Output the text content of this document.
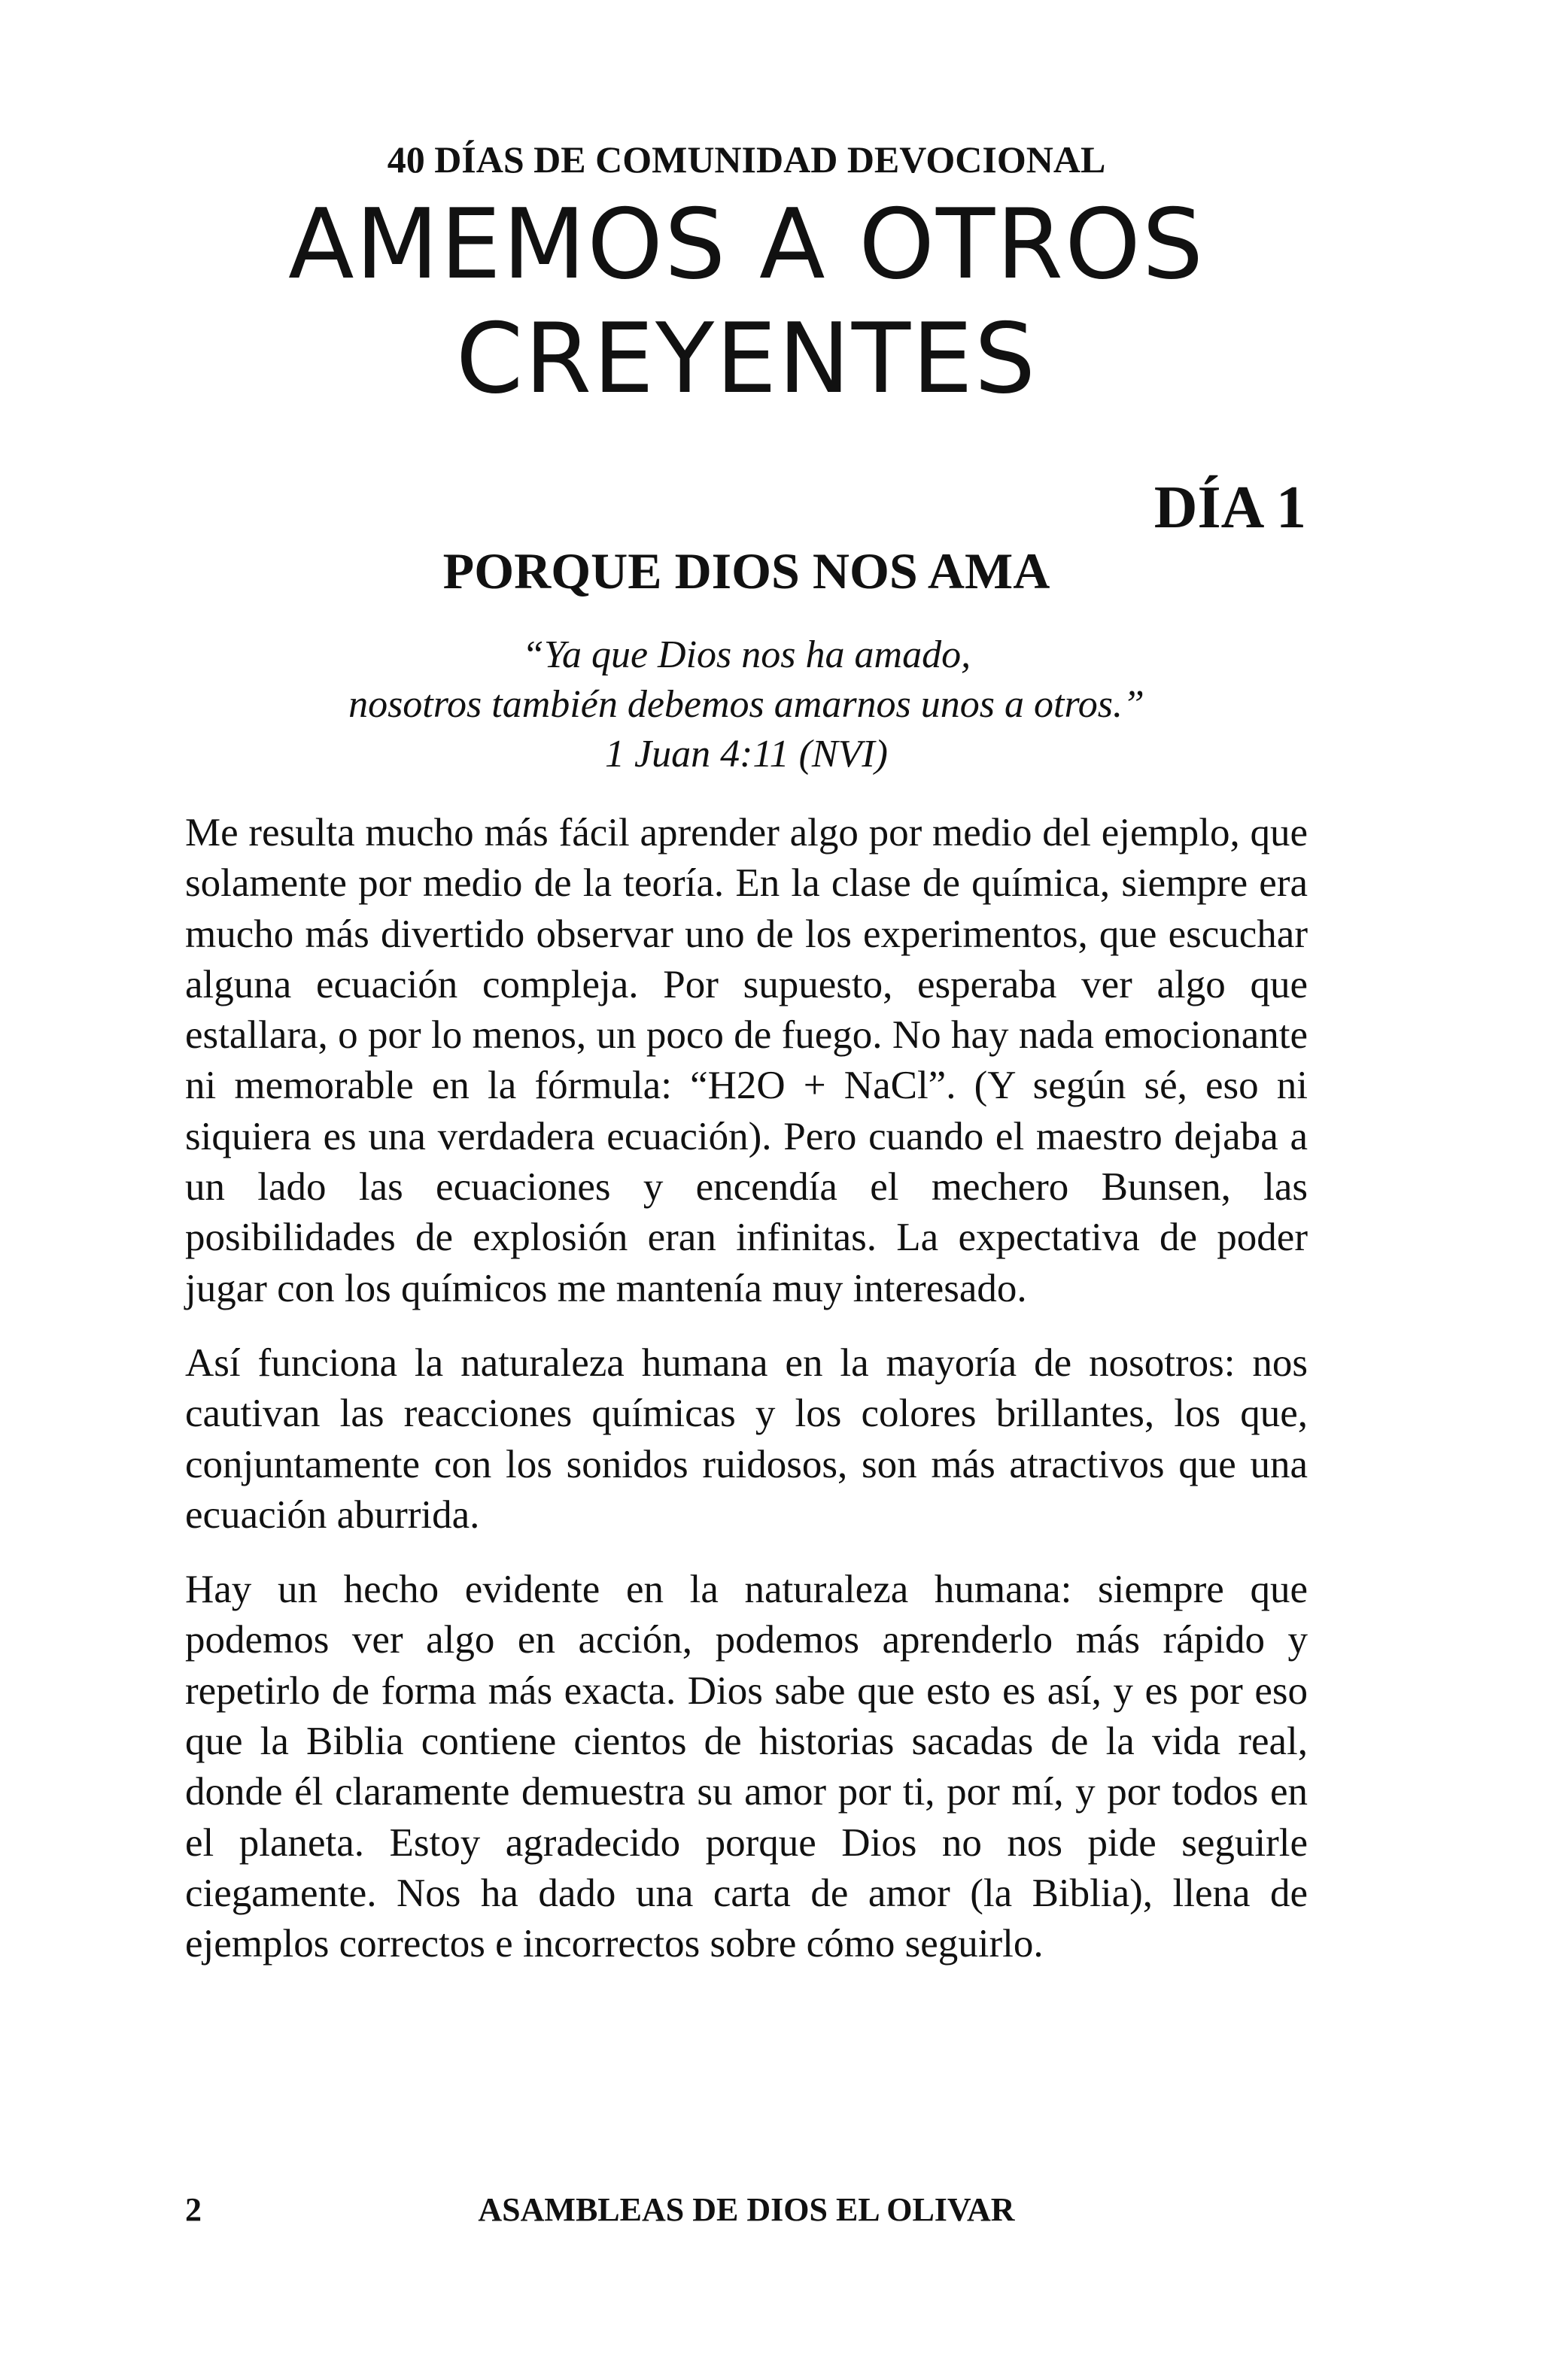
40 DÍAS DE COMUNIDAD DEVOCIONAL
AMEMOS A OTROS
CREYENTES
DÍA 1
PORQUE DIOS NOS AMA
“Ya que Dios nos ha amado,
nosotros también debemos amarnos unos a otros.”
1 Juan 4:11 (NVI)

Me resulta mucho más fácil aprender algo por medio del ejemplo, que solamente por medio de la teoría. En la clase de química, siempre era mucho más divertido observar uno de los experimentos, que escuchar alguna ecuación compleja. Por supuesto, esperaba ver algo que estallara, o por lo menos, un poco de fuego. No hay nada emocionante ni memorable en la fórmula: “H2O + NaCl”. (Y según sé, eso ni siquiera es una verdadera ecuación). Pero cuando el maestro dejaba a un lado las ecuaciones y encendía el mechero Bunsen, las posibilidades de explosión eran infinitas. La expectativa de poder jugar con los químicos me mantenía muy interesado.

Así funciona la naturaleza humana en la mayoría de nosotros: nos cautivan las reacciones químicas y los colores brillantes, los que, conjuntamente con los sonidos ruidosos, son más atractivos que una ecuación aburrida.

Hay un hecho evidente en la naturaleza humana: siempre que podemos ver algo en acción, podemos aprenderlo más rápido y repetirlo de forma más exacta. Dios sabe que esto es así, y es por eso que la Biblia contiene cientos de historias sacadas de la vida real, donde él claramente demuestra su amor por ti, por mí, y por todos en el planeta. Estoy agradecido porque Dios no nos pide seguirle ciegamente. Nos ha dado una carta de amor (la Biblia), llena de ejemplos correctos e incorrectos sobre cómo seguirlo.

2	ASAMBLEAS DE DIOS EL OLIVAR
